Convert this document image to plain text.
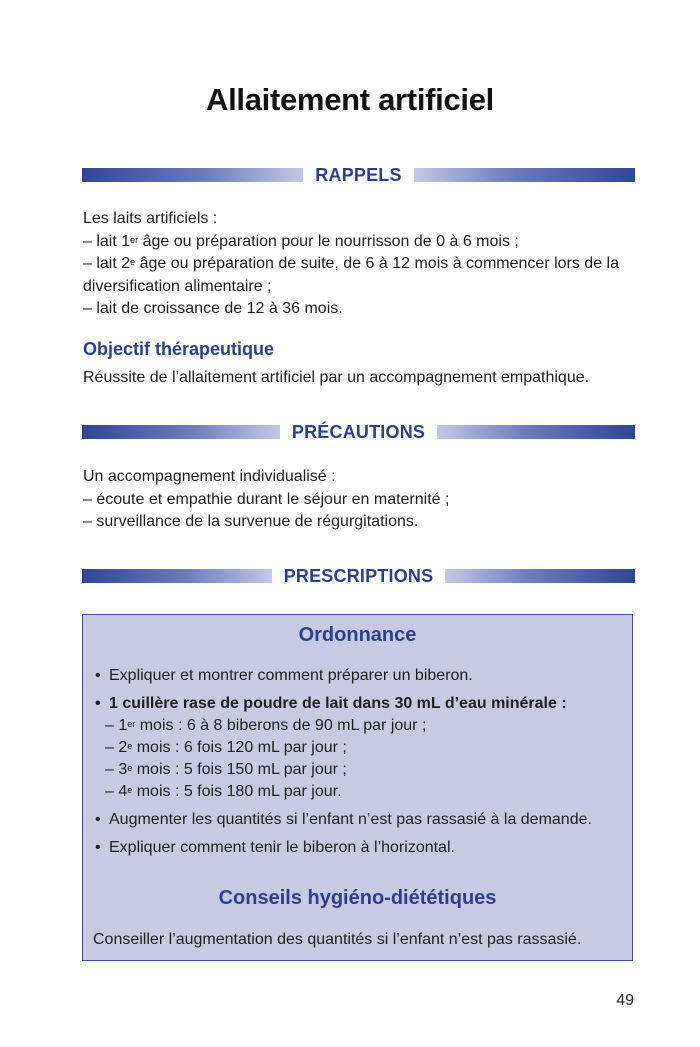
Allaitement artificiel
RAPPELS
Les laits artificiels :
– lait 1er âge ou préparation pour le nourrisson de 0 à 6 mois ;
– lait 2e âge ou préparation de suite, de 6 à 12 mois à commencer lors de la
diversification alimentaire ;
– lait de croissance de 12 à 36 mois.
Objectif thérapeutique
Réussite de l’allaitement artificiel par un accompagnement empathique.
PRÉCAUTIONS
Un accompagnement individualisé :
– écoute et empathie durant le séjour en maternité ;
– surveillance de la survenue de régurgitations.
PRESCRIPTIONS
Ordonnance
• Expliquer et montrer comment préparer un biberon.
• 1 cuillère rase de poudre de lait dans 30 mL d’eau minérale :
– 1er mois : 6 à 8 biberons de 90 mL par jour ;
– 2e mois : 6 fois 120 mL par jour ;
– 3e mois : 5 fois 150 mL par jour ;
– 4e mois : 5 fois 180 mL par jour.
• Augmenter les quantités si l’enfant n’est pas rassasié à la demande.
• Expliquer comment tenir le biberon à l’horizontal.
Conseils hygiéno-diététiques
Conseiller l’augmentation des quantités si l’enfant n’est pas rassasié.
49
